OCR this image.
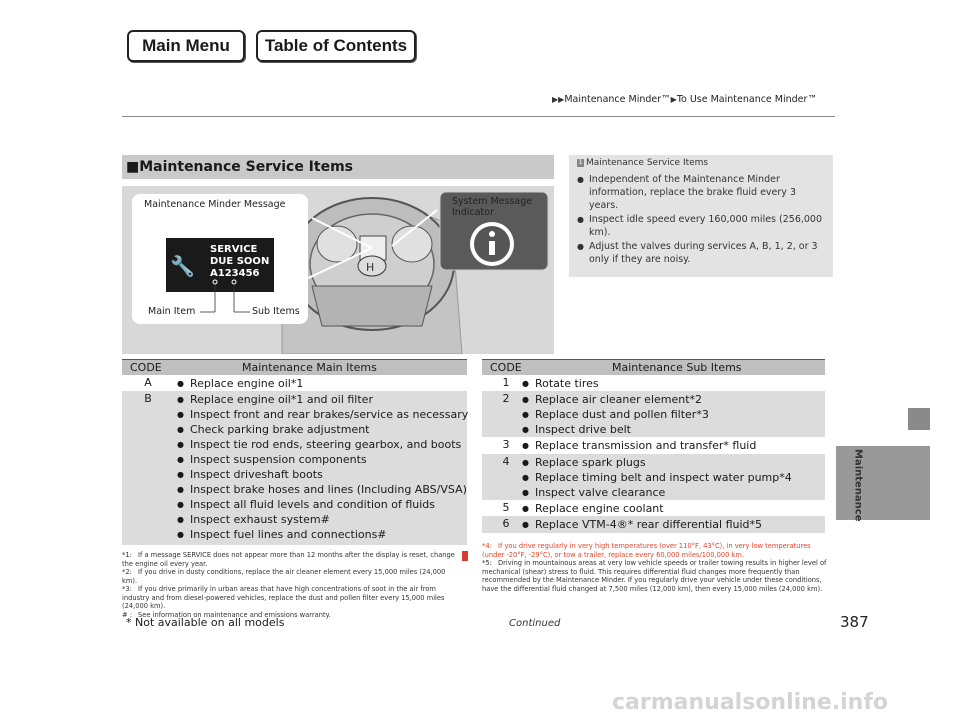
Main Menu	Table of Contents
▶▶Maintenance Minder™▶To Use Maintenance Minder™
Maintenance
■Maintenance Service Items	1 Maintenance Service Items
● Independent of the Maintenance Minder information, replace the brake fluid every 3 years.
● Inspect idle speed every 160,000 miles (256,000 km).
● Adjust the valves during services A, B, 1, 2, or 3 only if they are noisy.
H
Maintenance Minder Message
🔧
SERVICE
DUE SOON
A123456
Main Item	Sub Items
System Message Indicator
CODE	Maintenance Main Items
A	● Replace engine oil*1
B	● Replace engine oil*1 and oil filter
● Inspect front and rear brakes/service as necessary
● Check parking brake adjustment
● Inspect tie rod ends, steering gearbox, and boots
● Inspect suspension components
● Inspect driveshaft boots
● Inspect brake hoses and lines (Including ABS/VSA)
● Inspect all fluid levels and condition of fluids
● Inspect exhaust system#
● Inspect fuel lines and connections#
CODE	Maintenance Sub Items
1	● Rotate tires
2	● Replace air cleaner element*2
● Replace dust and pollen filter*3
● Inspect drive belt
3	● Replace transmission and transfer* fluid
4	● Replace spark plugs
● Replace timing belt and inspect water pump*4
● Inspect valve clearance
5	● Replace engine coolant
6	● Replace VTM-4®* rear differential fluid*5
*1: If a message SERVICE does not appear more than 12 months after the display is reset, change the engine oil every year.
*2: If you drive in dusty conditions, replace the air cleaner element every 15,000 miles (24,000 km).
*3: If you drive primarily in urban areas that have high concentrations of soot in the air from industry and from diesel-powered vehicles, replace the dust and pollen filter every 15,000 miles (24,000 km).
# : See information on maintenance and emissions warranty.
*4: If you drive regularly in very high temperatures (over 110°F, 43°C), in very low temperatures (under -20°F, -29°C), or tow a trailer, replace every 60,000 miles/100,000 km.
*5: Driving in mountainous areas at very low vehicle speeds or trailer towing results in higher level of mechanical (shear) stress to fluid. This requires differential fluid changes more frequently than recommended by the Maintenance Minder. If you regularly drive your vehicle under these conditions, have the differential fluid changed at 7,500 miles (12,000 km), then every 15,000 miles (24,000 km).
* Not available on all models	Continued	387
carmanualsonline.info
